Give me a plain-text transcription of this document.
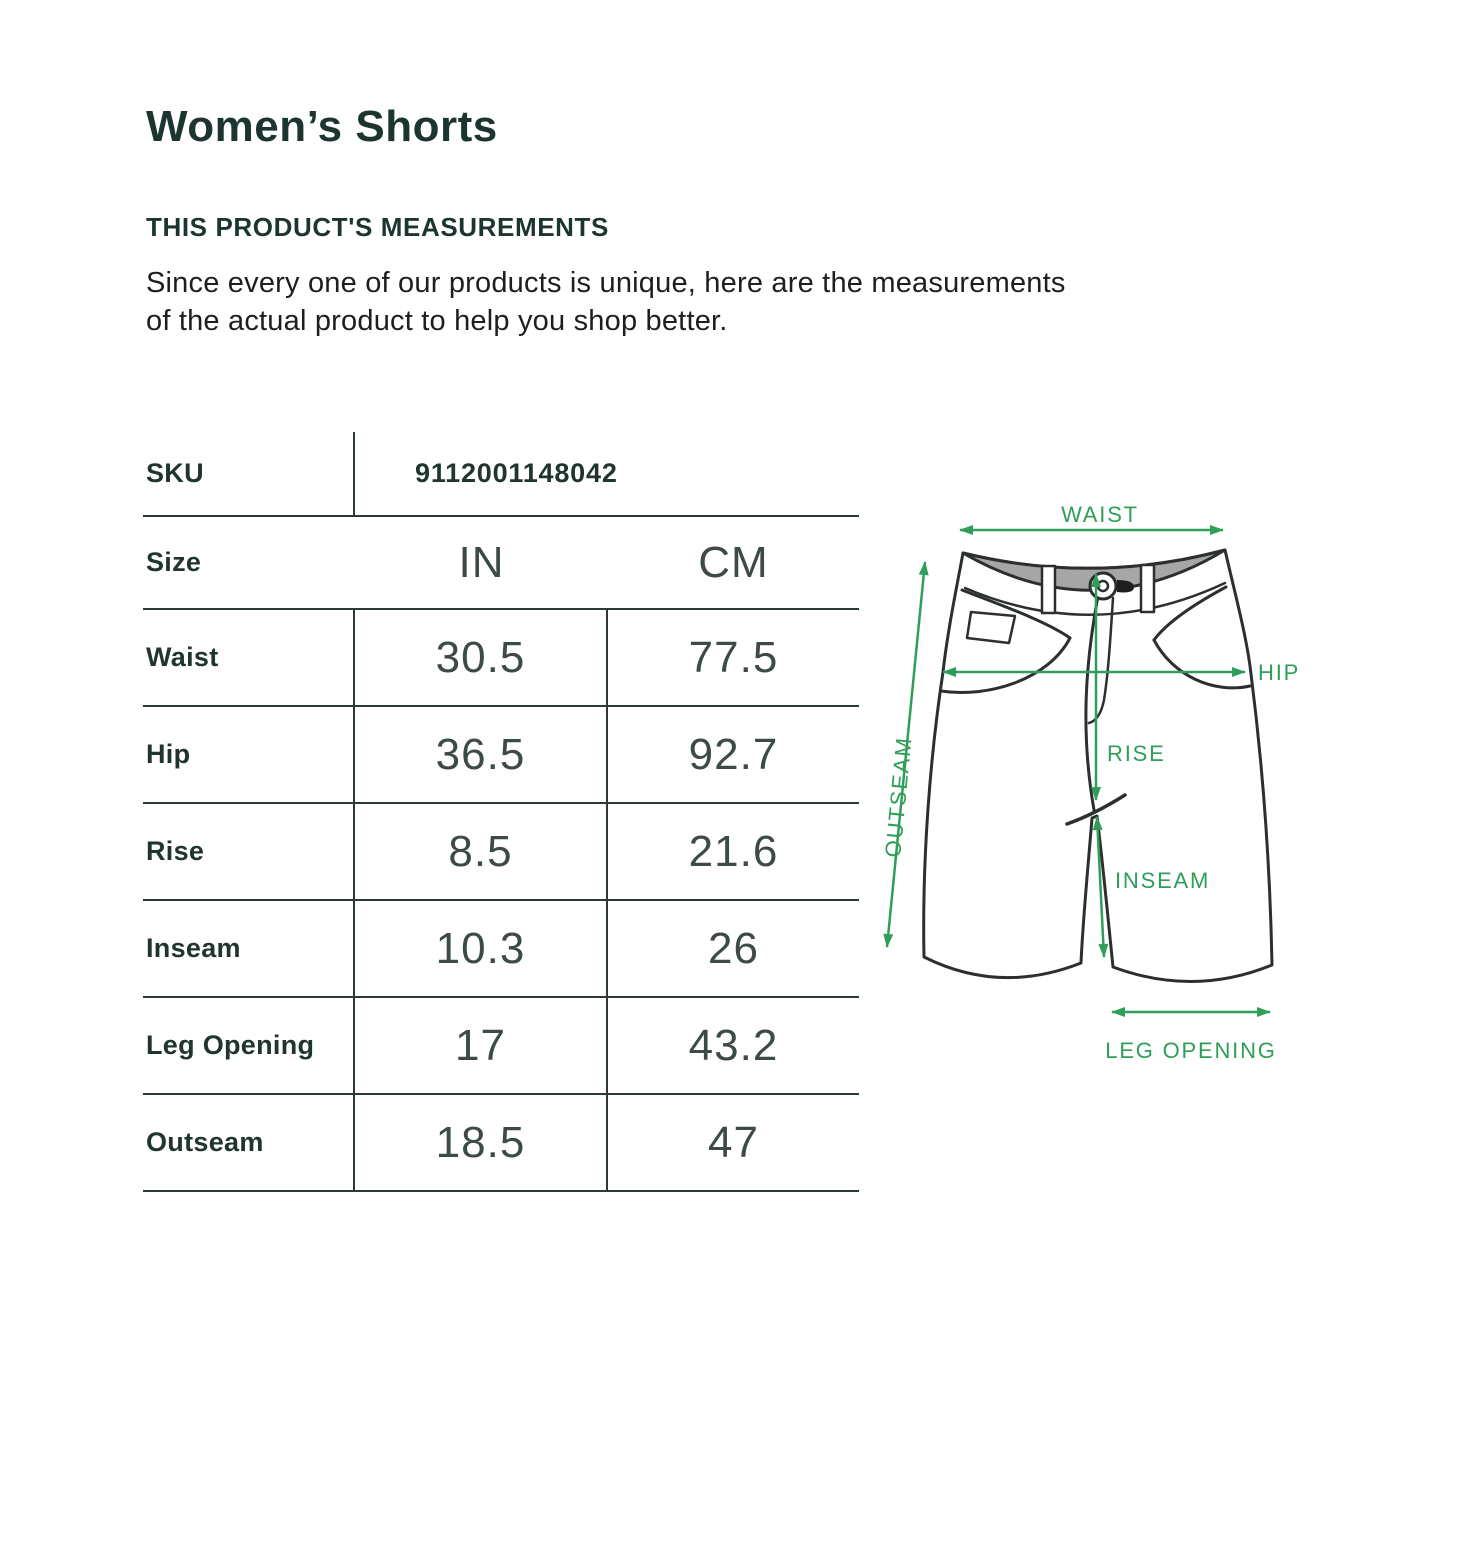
Women’s Shorts
THIS PRODUCT'S MEASUREMENTS
Since every one of our products is unique, here are the measurements
of the actual product to help you shop better.
SKU	9112001148042
Size	IN	CM
Waist	30.5	77.5
Hip	36.5	92.7
Rise	8.5	21.6
Inseam	10.3	26
Leg Opening	17	43.2
Outseam	18.5	47
WAIST
OUTSEAM
HIP
RISE
INSEAM
LEG OPENING
